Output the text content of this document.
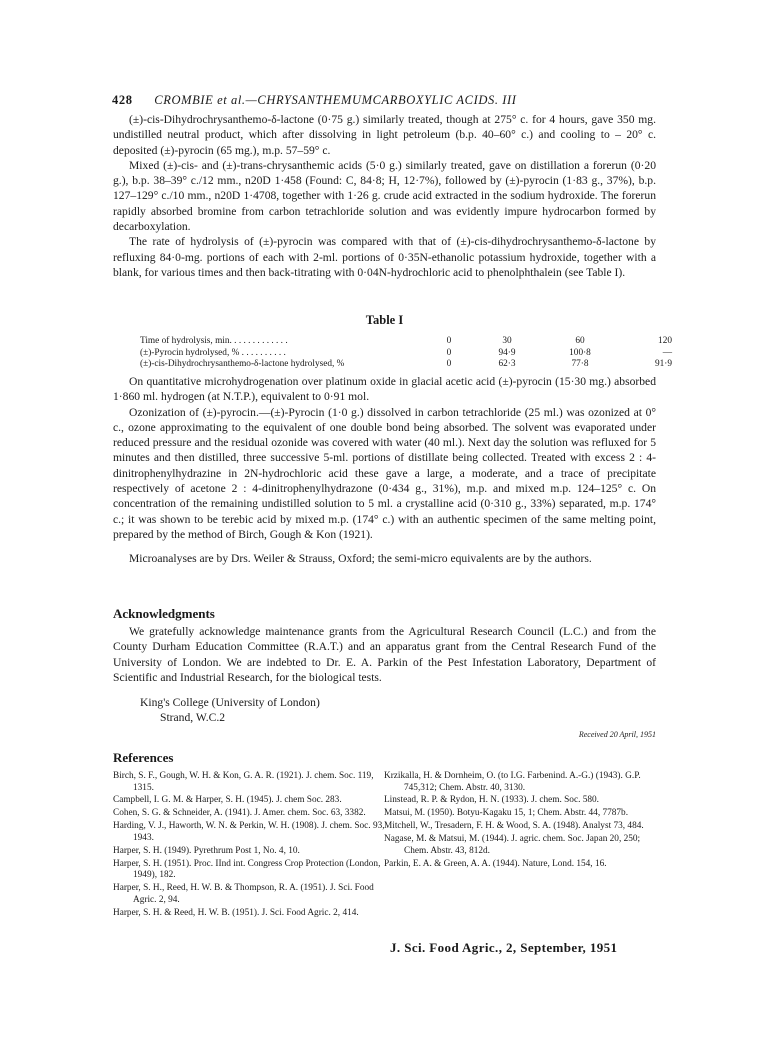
428 CROMBIE et al.—CHRYSANTHEMUMCARBOXYLIC ACIDS. III

(±)-cis-Dihydrochrysanthemo-δ-lactone (0·75 g.) similarly treated, though at 275° c. for 4 hours, gave 350 mg. undistilled neutral product, which after dissolving in light petroleum (b.p. 40–60° c.) and cooling to – 20° c. deposited (±)-pyrocin (65 mg.), m.p. 57–59° c.

Mixed (±)-cis- and (±)-trans-chrysanthemic acids (5·0 g.) similarly treated, gave on distillation a forerun (0·20 g.), b.p. 38–39° c./12 mm., n20D 1·458 (Found: C, 84·8; H, 12·7%), followed by (±)-pyrocin (1·83 g., 37%), b.p. 127–129° c./10 mm., n20D 1·4708, together with 1·26 g. crude acid extracted in the sodium hydroxide. The forerun rapidly absorbed bromine from carbon tetrachloride solution and was evidently impure hydrocarbon formed by decarboxylation.

The rate of hydrolysis of (±)-pyrocin was compared with that of (±)-cis-dihydrochrysanthemo-δ-lactone by refluxing 84·0-mg. portions of each with 2-ml. portions of 0·35N-ethanolic potassium hydroxide, together with a blank, for various times and then back-titrating with 0·04N-hydrochloric acid to phenolphthalein (see Table I).

Table I
Time of hydrolysis, min. . . . . . . . . . . . .	0	30	60	120
(±)-Pyrocin hydrolysed, % . . . . . . . . . .	0	94·9	100·8	—
(±)-cis-Dihydrochrysanthemo-δ-lactone hydrolysed, %	0	62·3	77·8	91·9

On quantitative microhydrogenation over platinum oxide in glacial acetic acid (±)-pyrocin (15·30 mg.) absorbed 1·860 ml. hydrogen (at N.T.P.), equivalent to 0·91 mol.

Ozonization of (±)-pyrocin.—(±)-Pyrocin (1·0 g.) dissolved in carbon tetrachloride (25 ml.) was ozonized at 0° c., ozone approximating to the equivalent of one double bond being absorbed. The solvent was evaporated under reduced pressure and the residual ozonide was covered with water (40 ml.). Next day the solution was refluxed for 5 minutes and then distilled, three successive 5-ml. portions of distillate being collected. Treated with excess 2 : 4-dinitrophenylhydrazine in 2N-hydrochloric acid these gave a large, a moderate, and a trace of precipitate respectively of acetone 2 : 4-dinitrophenylhydrazone (0·434 g., 31%), m.p. and mixed m.p. 124–125° c. On concentration of the remaining undistilled solution to 5 ml. a crystalline acid (0·310 g., 33%) separated, m.p. 174° c.; it was shown to be terebic acid by mixed m.p. (174° c.) with an authentic specimen of the same melting point, prepared by the method of Birch, Gough & Kon (1921).

Microanalyses are by Drs. Weiler & Strauss, Oxford; the semi-micro equivalents are by the authors.

Acknowledgments

We gratefully acknowledge maintenance grants from the Agricultural Research Council (L.C.) and from the County Durham Education Committee (R.A.T.) and an apparatus grant from the Central Research Fund of the University of London. We are indebted to Dr. E. A. Parkin of the Pest Infestation Laboratory, Department of Scientific and Industrial Research, for the biological tests.

King's College (University of London)
Strand, W.C.2
Received 20 April, 1951
References
Birch, S. F., Gough, W. H. & Kon, G. A. R. (1921). J. chem. Soc. 119, 1315.
Campbell, I. G. M. & Harper, S. H. (1945). J. chem Soc. 283.
Cohen, S. G. & Schneider, A. (1941). J. Amer. chem. Soc. 63, 3382.
Harding, V. J., Haworth, W. N. & Perkin, W. H. (1908). J. chem. Soc. 93, 1943.
Harper, S. H. (1949). Pyrethrum Post 1, No. 4, 10.
Harper, S. H. (1951). Proc. IInd int. Congress Crop Protection (London, 1949), 182.
Harper, S. H., Reed, H. W. B. & Thompson, R. A. (1951). J. Sci. Food Agric. 2, 94.
Harper, S. H. & Reed, H. W. B. (1951). J. Sci. Food Agric. 2, 414.
Krzikalla, H. & Dornheim, O. (to I.G. Farbenind. A.-G.) (1943). G.P. 745,312; Chem. Abstr. 40, 3130.
Linstead, R. P. & Rydon, H. N. (1933). J. chem. Soc. 580.
Matsui, M. (1950). Botyu-Kagaku 15, 1; Chem. Abstr. 44, 7787b.
Mitchell, W., Tresadern, F. H. & Wood, S. A. (1948). Analyst 73, 484.
Nagase, M. & Matsui, M. (1944). J. agric. chem. Soc. Japan 20, 250; Chem. Abstr. 43, 812d.
Parkin, E. A. & Green, A. A. (1944). Nature, Lond. 154, 16.
J. Sci. Food Agric., 2, September, 1951
